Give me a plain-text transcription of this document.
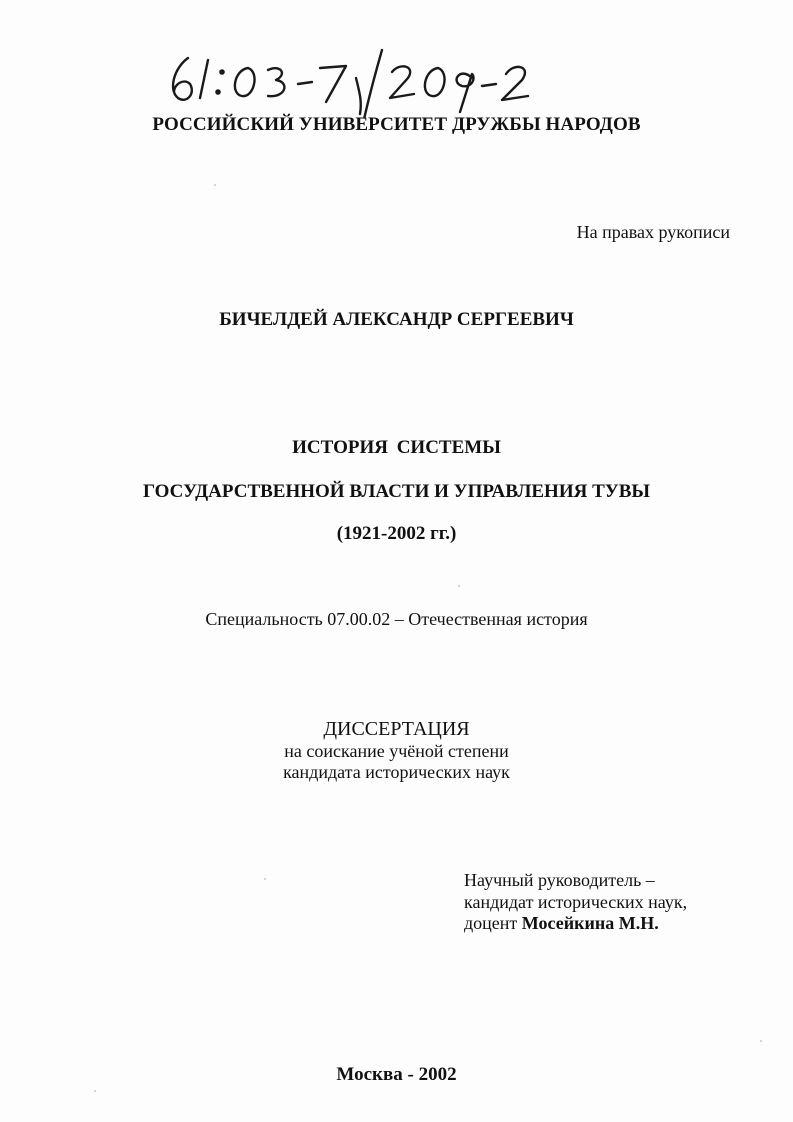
РОССИЙСКИЙ УНИВЕРСИТЕТ ДРУЖБЫ НАРОДОВ
На правах рукописи
БИЧЕЛДЕЙ АЛЕКСАНДР СЕРГЕЕВИЧ
ИСТОРИЯ СИСТЕМЫ
ГОСУДАРСТВЕННОЙ ВЛАСТИ И УПРАВЛЕНИЯ ТУВЫ
(1921-2002 гг.)
Специальность 07.00.02 – Отечественная история
ДИССЕРТАЦИЯ
на соискание учёной степени
кандидата исторических наук
Научный руководитель –
кандидат исторических наук,
доцент Мосейкина М.Н.
Москва - 2002
